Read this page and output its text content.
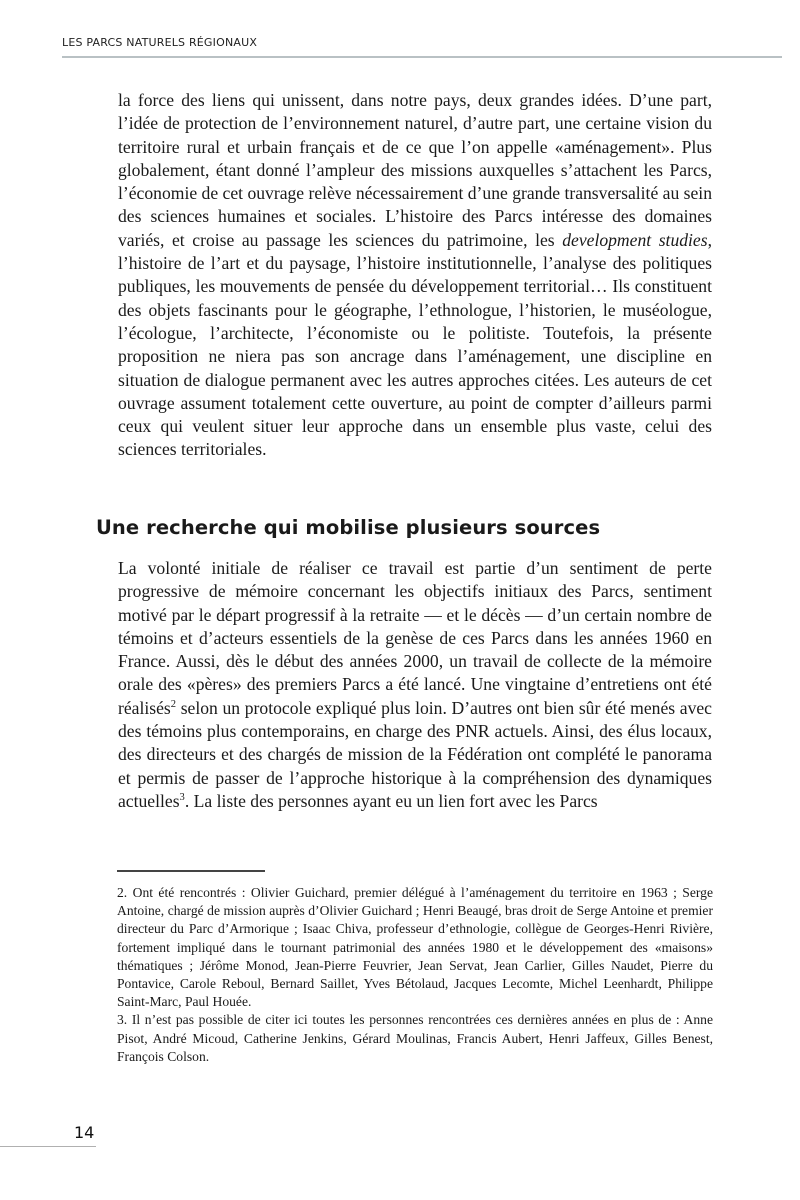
LES PARCS NATURELS RÉGIONAUX

la force des liens qui unissent, dans notre pays, deux grandes idées. D’une part, l’idée de protection de l’environnement naturel, d’autre part, une certaine vision du territoire rural et urbain français et de ce que l’on appelle «aménagement». Plus globalement, étant donné l’ampleur des missions auxquelles s’attachent les Parcs, l’économie de cet ouvrage relève nécessairement d’une grande transversalité au sein des sciences humaines et sociales. L’histoire des Parcs intéresse des domaines variés, et croise au passage les sciences du patrimoine, les development studies, l’histoire de l’art et du paysage, l’histoire institutionnelle, l’analyse des politiques publiques, les mouvements de pensée du développement territorial… Ils constituent des objets fascinants pour le géographe, l’ethnologue, l’historien, le muséologue, l’écologue, l’architecte, l’économiste ou le politiste. Toutefois, la présente proposition ne niera pas son ancrage dans l’aménagement, une discipline en situation de dialogue permanent avec les autres approches citées. Les auteurs de cet ouvrage assument totalement cette ouverture, au point de compter d’ailleurs parmi ceux qui veulent situer leur approche dans un ensemble plus vaste, celui des sciences territoriales.

Une recherche qui mobilise plusieurs sources

La volonté initiale de réaliser ce travail est partie d’un sentiment de perte progressive de mémoire concernant les objectifs initiaux des Parcs, sentiment motivé par le départ progressif à la retraite — et le décès — d’un certain nombre de témoins et d’acteurs essentiels de la genèse de ces Parcs dans les années 1960 en France. Aussi, dès le début des années 2000, un travail de collecte de la mémoire orale des «pères» des premiers Parcs a été lancé. Une vingtaine d’entretiens ont été réalisés$^2$ selon un protocole expliqué plus loin. D’autres ont bien sûr été menés avec des témoins plus contemporains, en charge des PNR actuels. Ainsi, des élus locaux, des directeurs et des chargés de mission de la Fédération ont complété le panorama et permis de passer de l’approche historique à la compréhension des dynamiques actuelles$^3$. La liste des personnes ayant eu un lien fort avec les Parcs

2. Ont été rencontrés : Olivier Guichard, premier délégué à l’aménagement du territoire en 1963 ; Serge Antoine, chargé de mission auprès d’Olivier Guichard ; Henri Beaugé, bras droit de Serge Antoine et premier directeur du Parc d’Armorique ; Isaac Chiva, professeur d’ethnologie, collègue de Georges-Henri Rivière, fortement impliqué dans le tournant patrimonial des années 1980 et le développement des «maisons» thématiques ; Jérôme Monod, Jean-Pierre Feuvrier, Jean Servat, Jean Carlier, Gilles Naudet, Pierre du Pontavice, Carole Reboul, Bernard Saillet, Yves Bétolaud, Jacques Lecomte, Michel Leenhardt, Philippe Saint-Marc, Paul Houée.

3. Il n’est pas possible de citer ici toutes les personnes rencontrées ces dernières années en plus de : Anne Pisot, André Micoud, Catherine Jenkins, Gérard Moulinas, Francis Aubert, Henri Jaffeux, Gilles Benest, François Colson.

14
